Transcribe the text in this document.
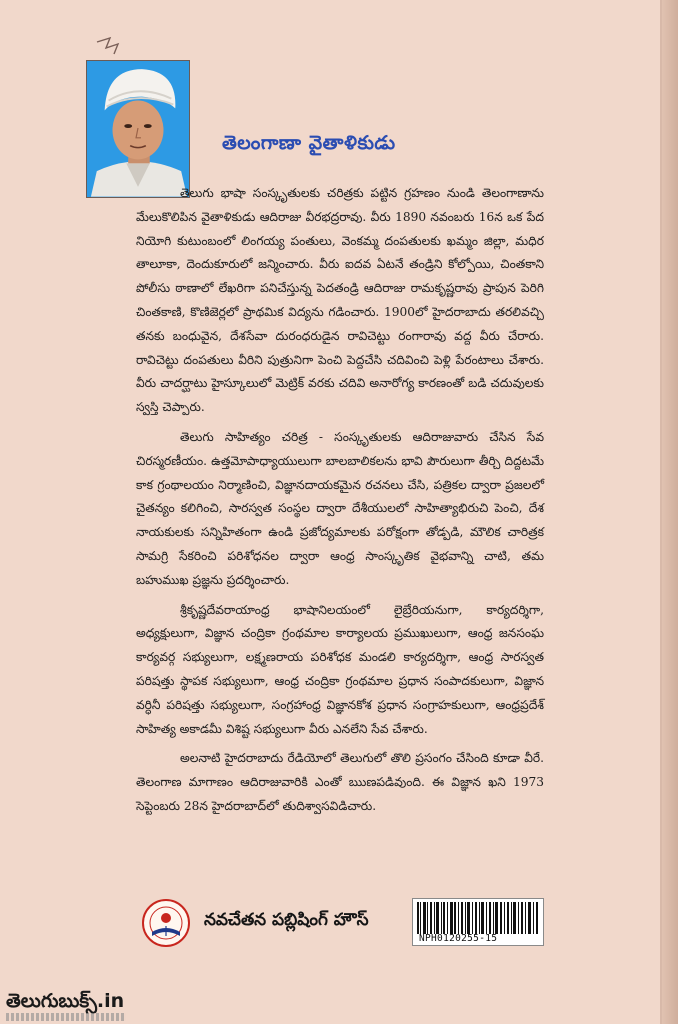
తెలంగాణా వైతాళికుడు

తెలుగు భాషా సంస్కృతులకు చరిత్రకు పట్టిన గ్రహణం నుండి తెలంగాణాను మేలుకొలిపిన వైతాళికుడు ఆదిరాజు వీరభద్రరావు. వీరు 1890 నవంబరు 16న ఒక పేద నియోగి కుటుంబంలో లింగయ్య పంతులు, వెంకమ్మ దంపతులకు ఖమ్మం జిల్లా, మధిర తాలూకా, దెందుకూరులో జన్మించారు. వీరు ఐదవ ఏటనే తండ్రిని కోల్పోయి, చింతకాని పోలీసు ఠాణాలో లేఖరిగా పనిచేస్తున్న పెదతండ్రి ఆదిరాజు రామకృష్ణరావు ప్రాపున పెరిగి చింతకాణి, కొణిజెర్లలో ప్రాథమిక విద్యను గడించారు. 1900లో హైదరాబాదు తరలివచ్చి తనకు బంధువైన, దేశసేవా దురంధరుడైన రావిచెట్టు రంగారావు వద్ద వీరు చేరారు. రావిచెట్టు దంపతులు వీరిని పుత్రునిగా పెంచి పెద్దచేసి చదివించి పెళ్లి పేరంటాలు చేశారు. వీరు చాదర్ఘాటు హైస్కూలులో మెట్రిక్ వరకు చదివి అనారోగ్య కారణంతో బడి చదువులకు స్వస్తి చెప్పారు.

తెలుగు సాహిత్యం చరిత్ర - సంస్కృతులకు ఆదిరాజువారు చేసిన సేవ చిరస్మరణీయం. ఉత్తమోపాధ్యాయులుగా బాలబాలికలను భావి పౌరులుగా తీర్చి దిద్దటమే కాక గ్రంథాలయం నిర్మాణించి, విజ్ఞానదాయకమైన రచనలు చేసి, పత్రికల ద్వారా ప్రజలలో చైతన్యం కలిగించి, సారస్వత సంస్థల ద్వారా దేశీయులలో సాహిత్యాభిరుచి పెంచి, దేశ నాయకులకు సన్నిహితంగా ఉండి ప్రజోద్యమాలకు పరోక్షంగా తోడ్పడి, మౌలిక చారిత్రక సామగ్రి సేకరించి పరిశోధనల ద్వారా ఆంధ్ర సాంస్కృతిక వైభవాన్ని చాటి, తమ బహుముఖ ప్రజ్ఞను ప్రదర్శించారు.

శ్రీకృష్ణదేవరాయాంధ్ర భాషానిలయంలో లైబ్రేరియనుగా, కార్యదర్శిగా, అధ్యక్షులుగా, విజ్ఞాన చంద్రికా గ్రంథమాల కార్యాలయ ప్రముఖులుగా, ఆంధ్ర జనసంఘ కార్యవర్గ సభ్యులుగా, లక్ష్మణరాయ పరిశోధక మండలి కార్యదర్శిగా, ఆంధ్ర సారస్వత పరిషత్తు స్థాపక సభ్యులుగా, ఆంధ్ర చంద్రికా గ్రంథమాల ప్రధాన సంపాదకులుగా, విజ్ఞాన వర్ధినీ పరిషత్తు సభ్యులుగా, సంగ్రహాంధ్ర విజ్ఞానకోశ ప్రధాన సంగ్రాహకులుగా, ఆంధ్రప్రదేశ్ సాహిత్య అకాడమీ విశిష్ట సభ్యులుగా వీరు ఎనలేని సేవ చేశారు.

అలనాటి హైదరాబాదు రేడియోలో తెలుగులో తొలి ప్రసంగం చేసింది కూడా వీరే. తెలంగాణ మాగాణం ఆదిరాజువారికి ఎంతో ఋణపడివుంది. ఈ విజ్ఞాన ఖని 1973 సెప్టెంబరు 28న హైదరాబాద్‌లో తుదిశ్వాసవిడిచారు.

నవచేతన పబ్లిషింగ్ హౌస్
NPH0120255-15
తెలుగుబుక్స్.in
